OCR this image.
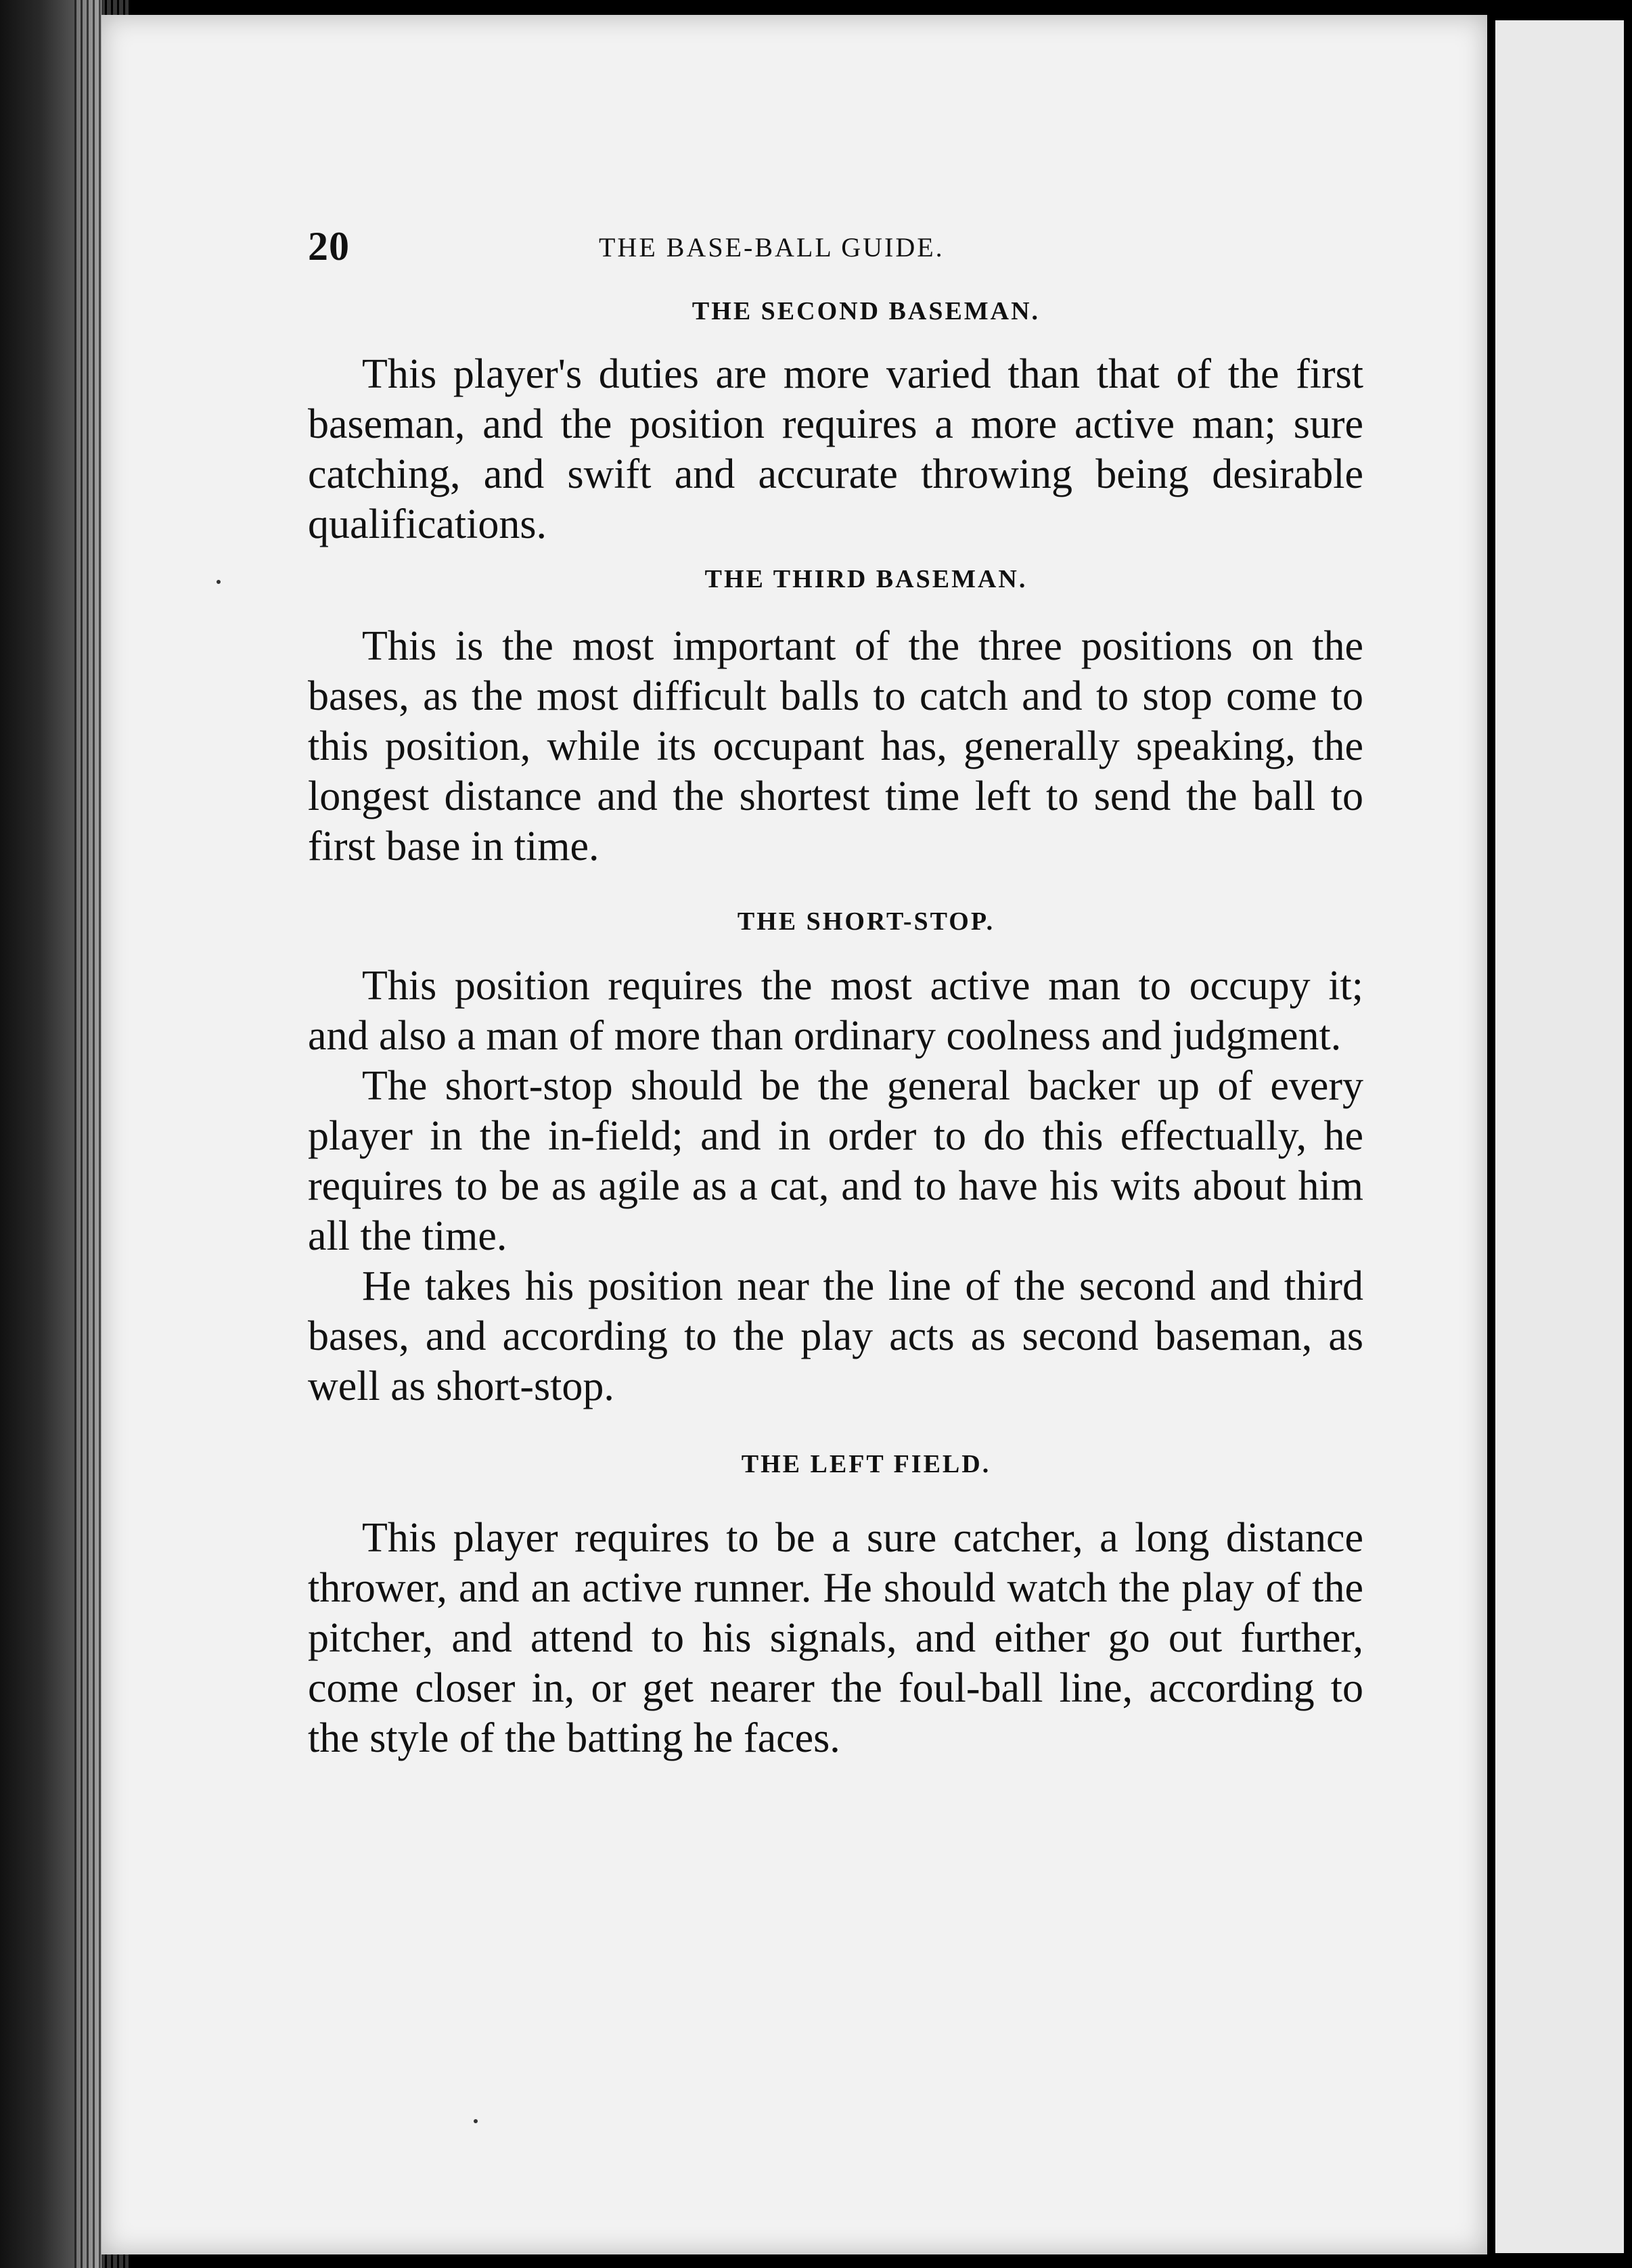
20	THE BASE-BALL GUIDE.
THE SECOND BASEMAN.

This player's duties are more varied than that of the first baseman, and the position requires a more active man; sure catching, and swift and accurate throwing being desirable qualifications.

THE THIRD BASEMAN.

This is the most important of the three positions on the bases, as the most difficult balls to catch and to stop come to this position, while its occupant has, generally speaking, the longest distance and the shortest time left to send the ball to first base in time.

THE SHORT-STOP.

This position requires the most active man to occupy it; and also a man of more than ordinary coolness and judgment.

The short-stop should be the general backer up of every player in the in-field; and in order to do this effectually, he requires to be as agile as a cat, and to have his wits about him all the time.

He takes his position near the line of the second and third bases, and according to the play acts as second baseman, as well as short-stop.

THE LEFT FIELD.

This player requires to be a sure catcher, a long distance thrower, and an active runner. He should watch the play of the pitcher, and attend to his signals, and either go out further, come closer in, or get nearer the foul-ball line, according to the style of the batting he faces.
